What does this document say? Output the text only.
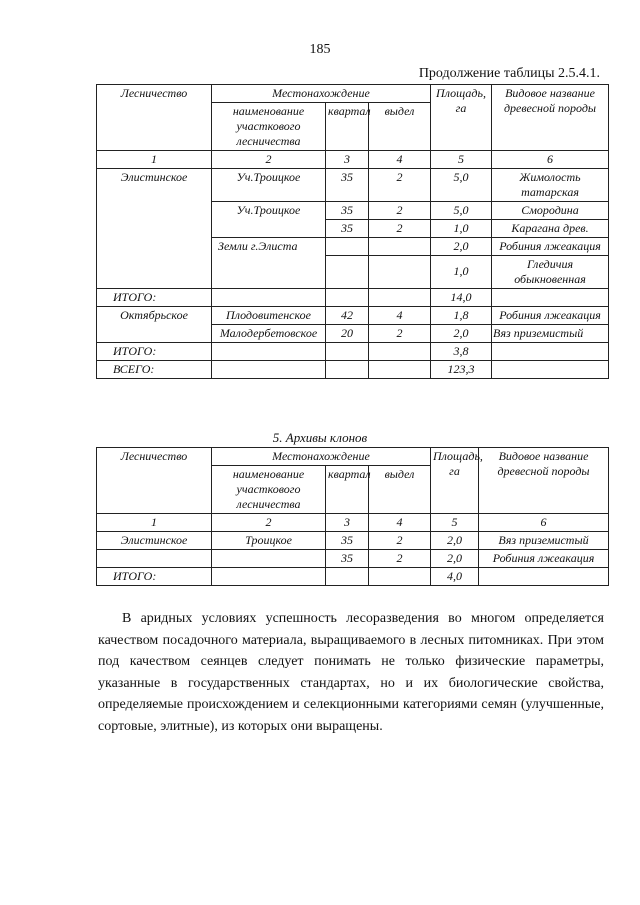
185
Продолжение таблицы 2.5.4.1.
Лесничество	Местонахождение			Площадь, га	Видовое название древесной породы
	наименование участкового лесничества	квартал	выдел		
1	2	3	4	5	6
Элистинское	Уч.Троицкое	35	2	5,0	Жимолость татарская
	Уч.Троицкое	35	2	5,0	Смородина
		35	2	1,0	Карагана древ.
	Земли г.Элиста			2,0	Робиния лжеакация
				1,0	Гледичия обыкновенная
ИТОГО:				14,0	
Октябрьское	Плодовитенское	42	4	1,8	Робиния лжеакация
	Малодербетовское	20	2	2,0	Вяз приземистый
ИТОГО:				3,8	
ВСЕГО:				123,3	
5. Архивы клонов
Лесничество	Местонахождение			Площадь, га	Видовое название древесной породы
	наименование участкового лесничества	квартал	выдел		
1	2	3	4	5	6
Элистинское	Троицкое	35	2	2,0	Вяз приземистый
		35	2	2,0	Робиния лжеакация
ИТОГО:				4,0	

В аридных условиях успешность лесоразведения во многом определяется качеством посадочного материала, выращиваемого в лесных питомниках. При этом под качеством сеянцев следует понимать не только физические параметры, указанные в государственных стандартах, но и их биологические свойства, определяемые происхождением и селекционными категориями семян (улучшенные, сортовые, элитные), из которых они выращены.
